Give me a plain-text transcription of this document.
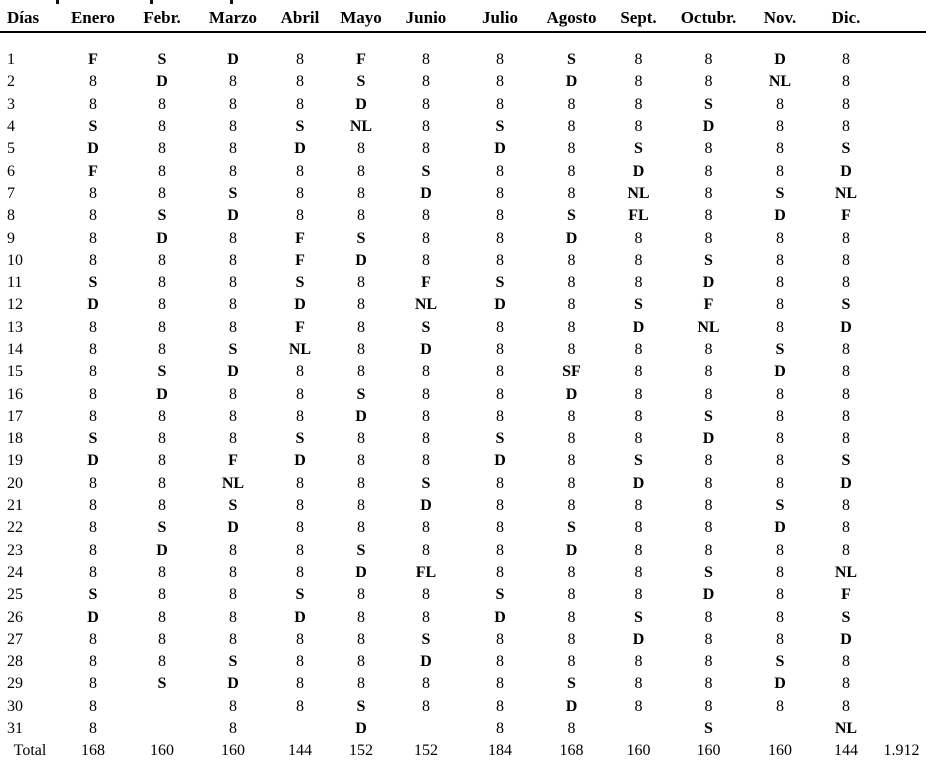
Días	Enero	Febr.	Marzo	Abril	Mayo	Junio	Julio	Agosto	Sept.	Octubr.	Nov.	Dic.	

1	F	S	D	8	F	8	8	S	8	8	D	8	
2	8	D	8	8	S	8	8	D	8	8	NL	8	
3	8	8	8	8	D	8	8	8	8	S	8	8	
4	S	8	8	S	NL	8	S	8	8	D	8	8	
5	D	8	8	D	8	8	D	8	S	8	8	S	
6	F	8	8	8	8	S	8	8	D	8	8	D	
7	8	8	S	8	8	D	8	8	NL	8	S	NL	
8	8	S	D	8	8	8	8	S	FL	8	D	F	
9	8	D	8	F	S	8	8	D	8	8	8	8	
10	8	8	8	F	D	8	8	8	8	S	8	8	
11	S	8	8	S	8	F	S	8	8	D	8	8	
12	D	8	8	D	8	NL	D	8	S	F	8	S	
13	8	8	8	F	8	S	8	8	D	NL	8	D	
14	8	8	S	NL	8	D	8	8	8	8	S	8	
15	8	S	D	8	8	8	8	SF	8	8	D	8	
16	8	D	8	8	S	8	8	D	8	8	8	8	
17	8	8	8	8	D	8	8	8	8	S	8	8	
18	S	8	8	S	8	8	S	8	8	D	8	8	
19	D	8	F	D	8	8	D	8	S	8	8	S	
20	8	8	NL	8	8	S	8	8	D	8	8	D	
21	8	8	S	8	8	D	8	8	8	8	S	8	
22	8	S	D	8	8	8	8	S	8	8	D	8	
23	8	D	8	8	S	8	8	D	8	8	8	8	
24	8	8	8	8	D	FL	8	8	8	S	8	NL	
25	S	8	8	S	8	8	S	8	8	D	8	F	
26	D	8	8	D	8	8	D	8	S	8	8	S	
27	8	8	8	8	8	S	8	8	D	8	8	D	
28	8	8	S	8	8	D	8	8	8	8	S	8	
29	8	S	D	8	8	8	8	S	8	8	D	8	
30	8		8	8	S	8	8	D	8	8	8	8	
31	8		8		D		8	8		S		NL	
Total	168	160	160	144	152	152	184	168	160	160	160	144	1.912
